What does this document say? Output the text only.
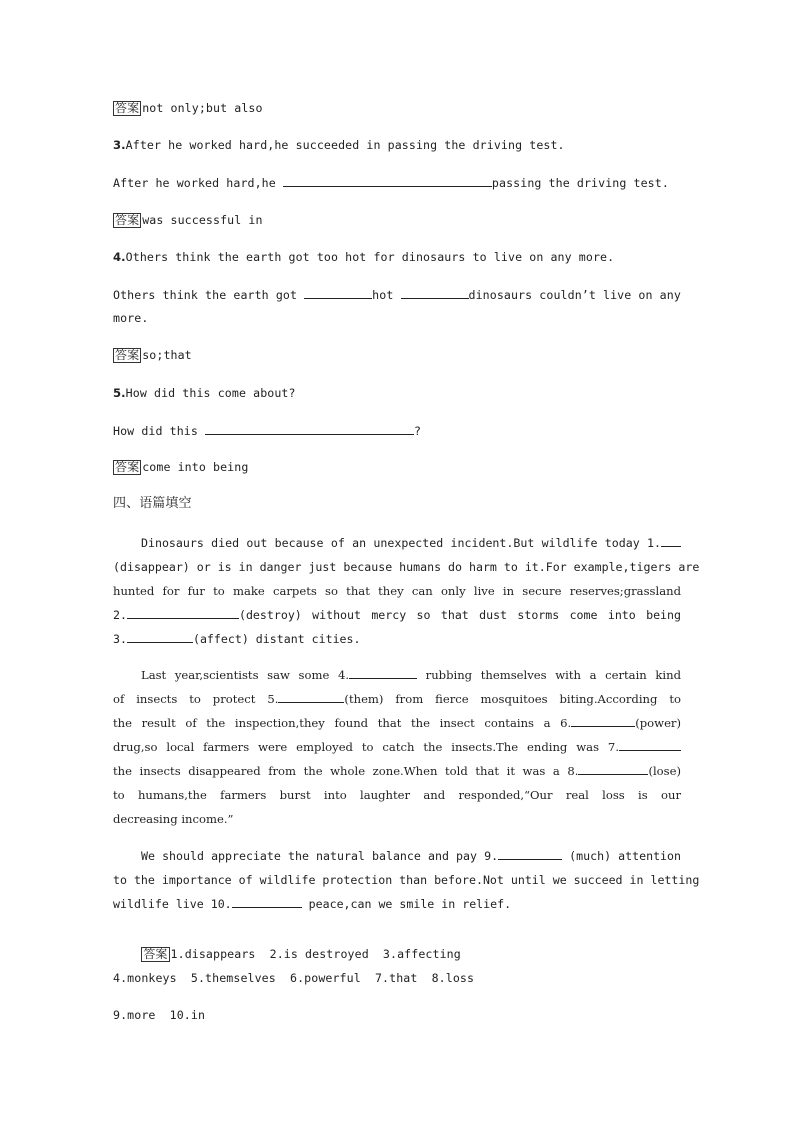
答案 not only;but also
3.After he worked hard,he succeeded in passing the driving test.
After he worked hard,he	passing the driving test.
答案 was successful in
4.Others think the earth got too hot for dinosaurs to live on any more.
Others think the earth got	hot	dinosaurs couldn’t live on any
more.
答案 so;that
5.How did this come about?
How did this	?
答案 come into being
四、语篇填空
Dinosaurs died out because of an unexpected incident.But wildlife today 1.
(disappear) or is in danger just because humans do harm to it.For example,tigers are
hunted for fur to make carpets so that they can only live in secure reserves;grassland
2.	(destroy) without mercy so that dust storms come into being
3.	(affect) distant cities.
Last year,scientists saw some 4.	rubbing themselves with a certain kind
of insects to protect 5.	(them) from fierce mosquitoes biting.According to
the result of the inspection,they found that the insect contains a 6.	(power)
drug,so local farmers were employed to catch the insects.The ending was 7.
the insects disappeared from the whole zone.When told that it was a 8.	(lose)
to humans,the farmers burst into laughter and responded,“Our real loss is our
decreasing income.”
We should appreciate the natural balance and pay 9.	(much) attention
to the importance of wildlife protection than before.Not until we succeed in letting
wildlife live 10.	peace,can we smile in relief.

答案 1.disappears  2.is destroyed  3.affecting

4.monkeys  5.themselves  6.powerful  7.that  8.loss
9.more  10.in
